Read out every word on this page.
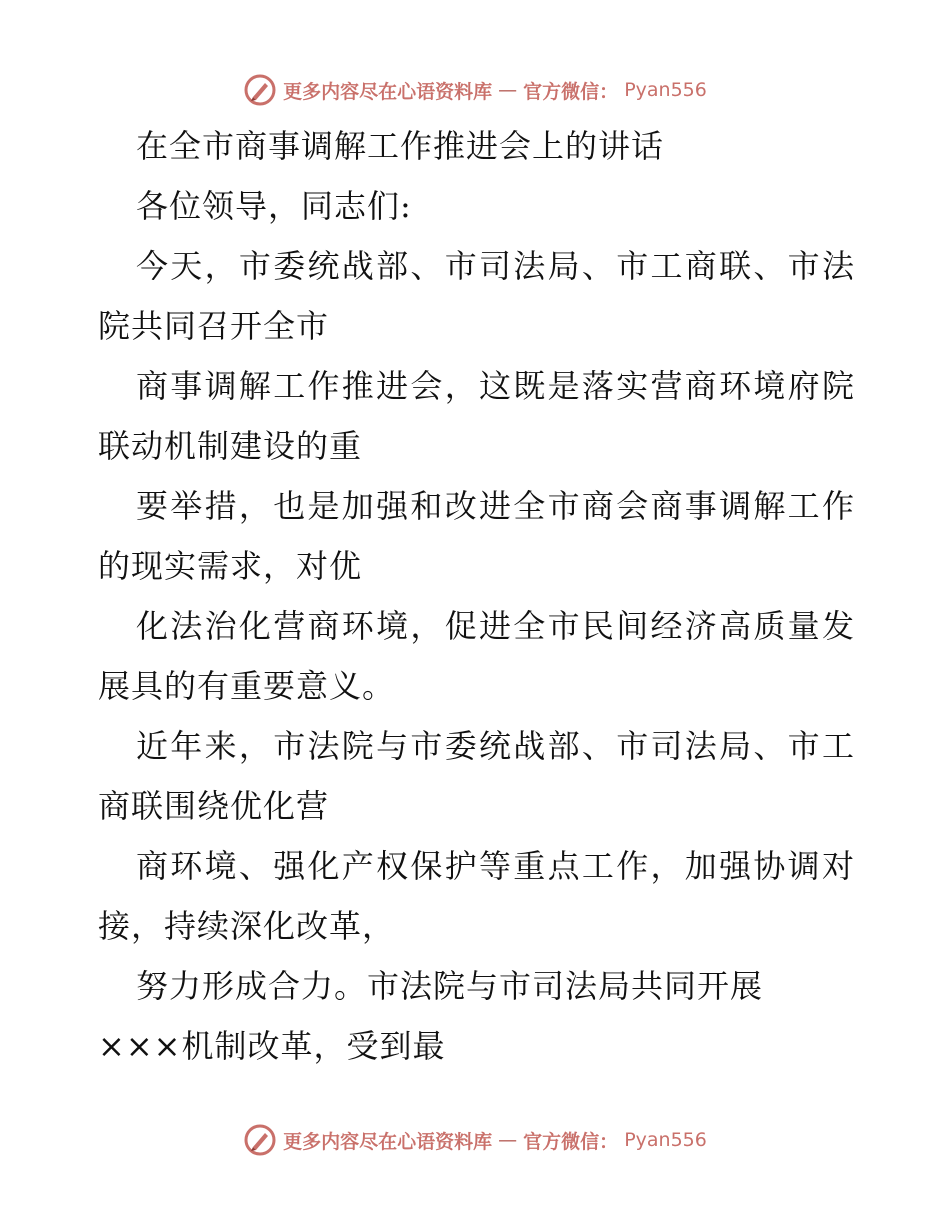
更多内容尽在心语资料库 — 官方微信： Pyan556
在全市商事调解工作推进会上的讲话
各位领导，同志们:
今天，市委统战部、市司法局、市工商联、市法
院共同召开全市
商事调解工作推进会，这既是落实营商环境府院
联动机制建设的重
要举措，也是加强和改进全市商会商事调解工作
的现实需求，对优
化法治化营商环境，促进全市民间经济高质量发
展具的有重要意义。
近年来，市法院与市委统战部、市司法局、市工
商联围绕优化营
商环境、强化产权保护等重点工作，加强协调对
接，持续深化改革，
努力形成合力。市法院与市司法局共同开展
×××机制改革，受到最
更多内容尽在心语资料库 — 官方微信： Pyan556
